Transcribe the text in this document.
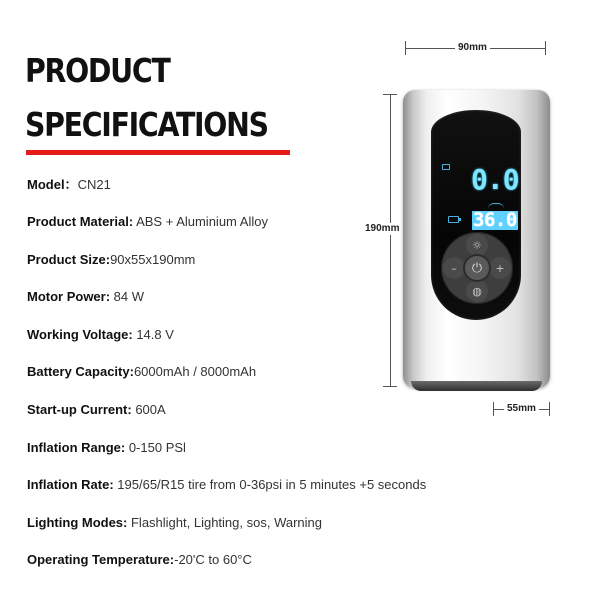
PRODUCT
SPECIFICATIONS
Model：CN21
Product Material: ABS + Aluminium Alloy
Product Size:90x55x190mm
Motor Power: 84 W
Working Voltage: 14.8 V
Battery Capacity:6000mAh / 8000mAh
Start-up Current: 600A
Inflation Range: 0-150 PSl
Inflation Rate: 195/65/R15 tire from 0-36psi in 5 minutes +5 seconds
Lighting Modes: Flashlight, Lighting, sos, Warning
Operating Temperature:-20'C to 60°C
90mm
190mm
55mm
0.0
36.0
☼
–	+
◍
⏻
